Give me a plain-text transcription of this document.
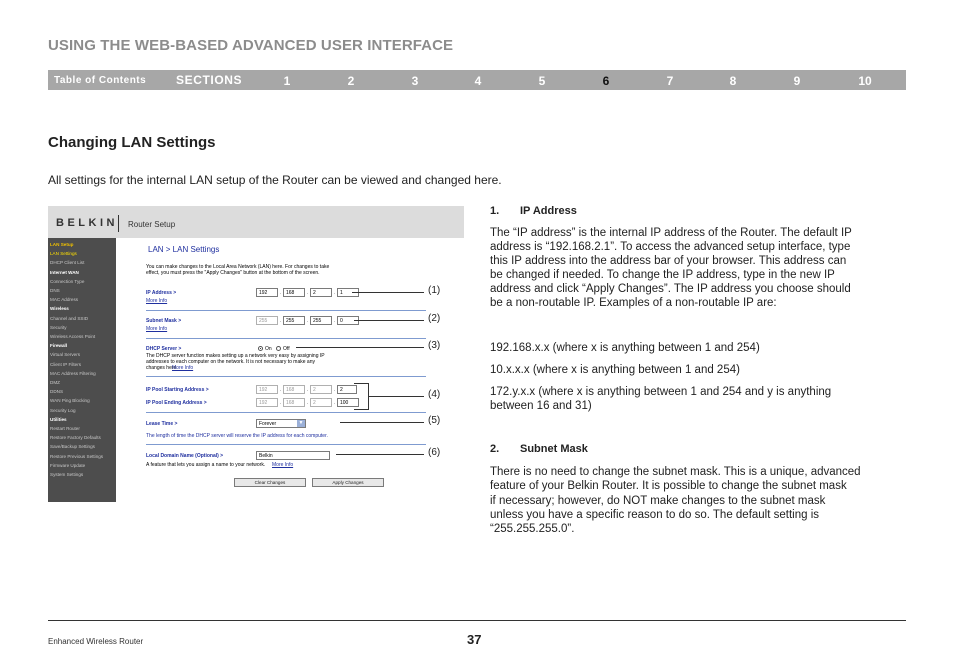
USING THE WEB-BASED ADVANCED USER INTERFACE
Table of Contents SECTIONS	1	2	3	4	5	6	7	8	9	10
Changing LAN Settings
All settings for the internal LAN setup of the Router can be viewed and changed here.
BELKIN Router Setup
LAN Setup
LAN Settings
DHCP Client List
Internet WAN
Connection Type
DNS
MAC Address
Wireless
Channel and SSID
Security
Wireless Access Point
Firewall
Virtual Servers
Client IP Filters
MAC Address Filtering
DMZ
DDNS
WAN Ping Blocking
Security Log
Utilities
Restart Router
Restore Factory Defaults
Save/Backup Settings
Restore Previous Settings
Firmware Update
System Settings
LAN > LAN Settings
You can make changes to the Local Area Network (LAN) here. For changes to take
effect, you must press the "Apply Changes" button at the bottom of the screen.
IP Address >
More Info
192	. 168	. 2	. 1
Subnet Mask >
More Info
255	. 255	. 255	. 0
DHCP Server >	On Off
The DHCP server function makes setting up a network very easy by assigning IP
addresses to each computer on the network. It is not necessary to make any
changes here.
More Info
IP Pool Starting Address >	192	. 168	. 2	. 2
IP Pool Ending Address >	192	. 168	. 2	. 100
Lease Time >	Forever	▼
The length of time the DHCP server will reserve the IP address for each computer.
Local Domain Name (Optional) >	Belkin
A feature that lets you assign a name to your network. More Info
Clear Changes	Apply Changes
(1)
(2)
(3)
(4)
(5)
(6)
1. IP Address
The “IP address” is the internal IP address of the Router. The default IP
address is “192.168.2.1”. To access the advanced setup interface, type
this IP address into the address bar of your browser. This address can
be changed if needed. To change the IP address, type in the new IP
address and click “Apply Changes”. The IP address you choose should
be a non-routable IP. Examples of a non-routable IP are:
192.168.x.x (where x is anything between 1 and 254)
10.x.x.x (where x is anything between 1 and 254)
172.y.x.x (where x is anything between 1 and 254 and y is anything
between 16 and 31)
2. Subnet Mask
There is no need to change the subnet mask. This is a unique, advanced
feature of your Belkin Router. It is possible to change the subnet mask
if necessary; however, do NOT make changes to the subnet mask
unless you have a specific reason to do so. The default setting is
“255.255.255.0”.
Enhanced Wireless Router	37
